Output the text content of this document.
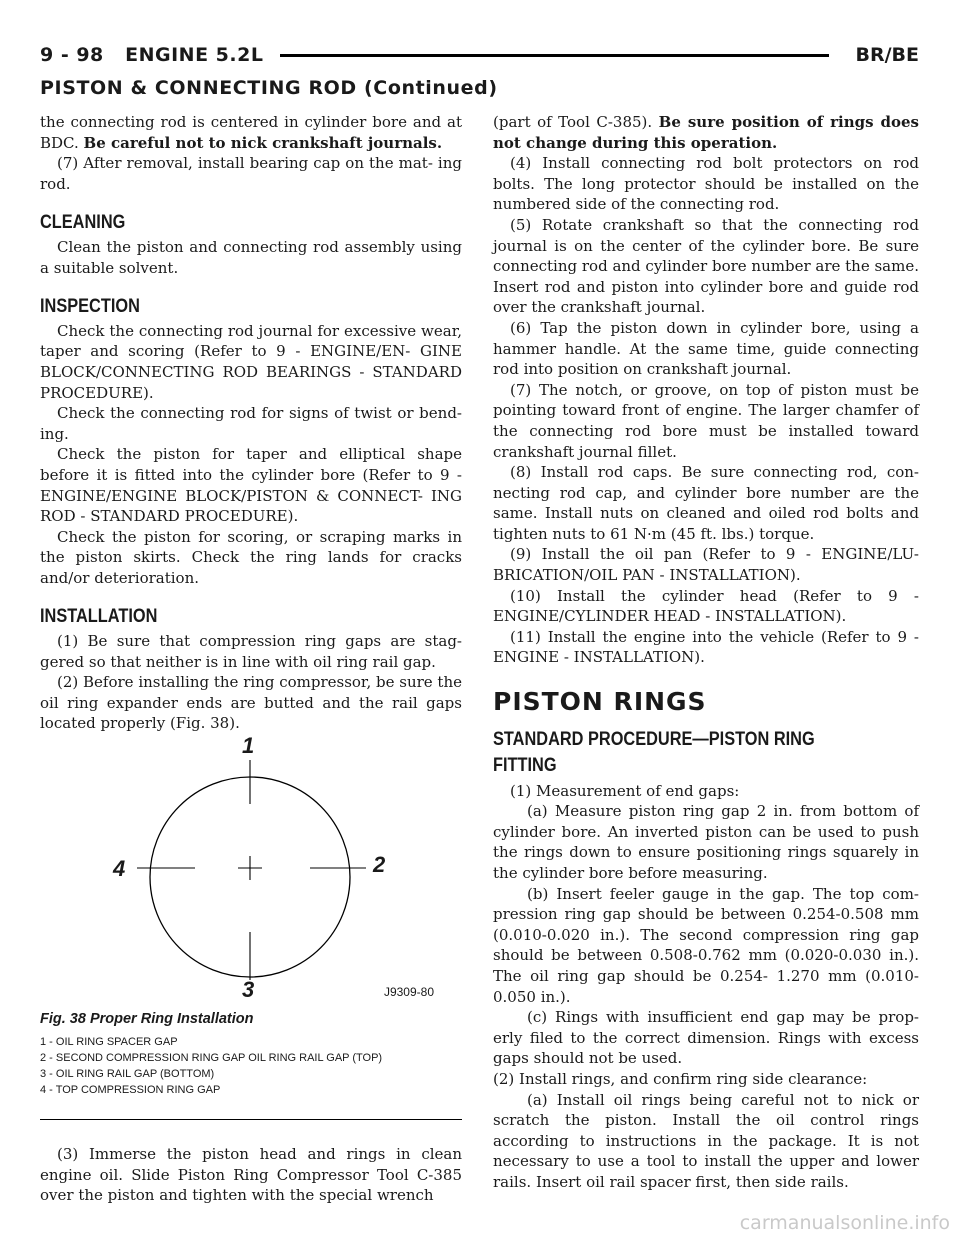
9 - 98 ENGINE 5.2L	BR/BE
PISTON & CONNECTING ROD (Continued)

the connecting rod is centered in cylinder bore and at BDC. Be careful not to nick crankshaft journals.

(7) After removal, install bearing cap on the mat- ing rod.

CLEANING

Clean the piston and connecting rod assembly using a suitable solvent.

INSPECTION

Check the connecting rod journal for excessive wear, taper and scoring (Refer to 9 - ENGINE/EN- GINE BLOCK/CONNECTING ROD BEARINGS - STANDARD PROCEDURE).

Check the connecting rod for signs of twist or bend- ing.

Check the piston for taper and elliptical shape before it is fitted into the cylinder bore (Refer to 9 - ENGINE/ENGINE BLOCK/PISTON & CONNECT- ING ROD - STANDARD PROCEDURE).

Check the piston for scoring, or scraping marks in the piston skirts. Check the ring lands for cracks and/or deterioration.

INSTALLATION

(1) Be sure that compression ring gaps are stag- gered so that neither is in line with oil ring rail gap.

(2) Before installing the ring compressor, be sure the oil ring expander ends are butted and the rail gaps located properly (Fig. 38).

1
2
3
4
J9309-80
Fig. 38 Proper Ring Installation
1 - OIL RING SPACER GAP
2 - SECOND COMPRESSION RING GAP OIL RING RAIL GAP (TOP)
3 - OIL RING RAIL GAP (BOTTOM)
4 - TOP COMPRESSION RING GAP

(3) Immerse the piston head and rings in clean engine oil. Slide Piston Ring Compressor Tool C-385 over the piston and tighten with the special wrench

(part of Tool C-385). Be sure position of rings does not change during this operation.

(4) Install connecting rod bolt protectors on rod bolts. The long protector should be installed on the numbered side of the connecting rod.

(5) Rotate crankshaft so that the connecting rod journal is on the center of the cylinder bore. Be sure connecting rod and cylinder bore number are the same. Insert rod and piston into cylinder bore and guide rod over the crankshaft journal.

(6) Tap the piston down in cylinder bore, using a hammer handle. At the same time, guide connecting rod into position on crankshaft journal.

(7) The notch, or groove, on top of piston must be pointing toward front of engine. The larger chamfer of the connecting rod bore must be installed toward crankshaft journal fillet.

(8) Install rod caps. Be sure connecting rod, con- necting rod cap, and cylinder bore number are the same. Install nuts on cleaned and oiled rod bolts and tighten nuts to 61 N·m (45 ft. lbs.) torque.

(9) Install the oil pan (Refer to 9 - ENGINE/LU- BRICATION/OIL PAN - INSTALLATION).

(10) Install the cylinder head (Refer to 9 - ENGINE/CYLINDER HEAD - INSTALLATION).

(11) Install the engine into the vehicle (Refer to 9 - ENGINE - INSTALLATION).

PISTON RINGS
STANDARD PROCEDURE—PISTON RING
FITTING

(1) Measurement of end gaps:

(a) Measure piston ring gap 2 in. from bottom of cylinder bore. An inverted piston can be used to push the rings down to ensure positioning rings squarely in the cylinder bore before measuring.

(b) Insert feeler gauge in the gap. The top com- pression ring gap should be between 0.254-0.508 mm (0.010-0.020 in.). The second compression ring gap should be between 0.508-0.762 mm (0.020-0.030 in.). The oil ring gap should be 0.254- 1.270 mm (0.010-0.050 in.).

(c) Rings with insufficient end gap may be prop- erly filed to the correct dimension. Rings with excess gaps should not be used.

(2) Install rings, and confirm ring side clearance:

(a) Install oil rings being careful not to nick or scratch the piston. Install the oil control rings according to instructions in the package. It is not necessary to use a tool to install the upper and lower rails. Insert oil rail spacer first, then side rails.

carmanualsonline.info
